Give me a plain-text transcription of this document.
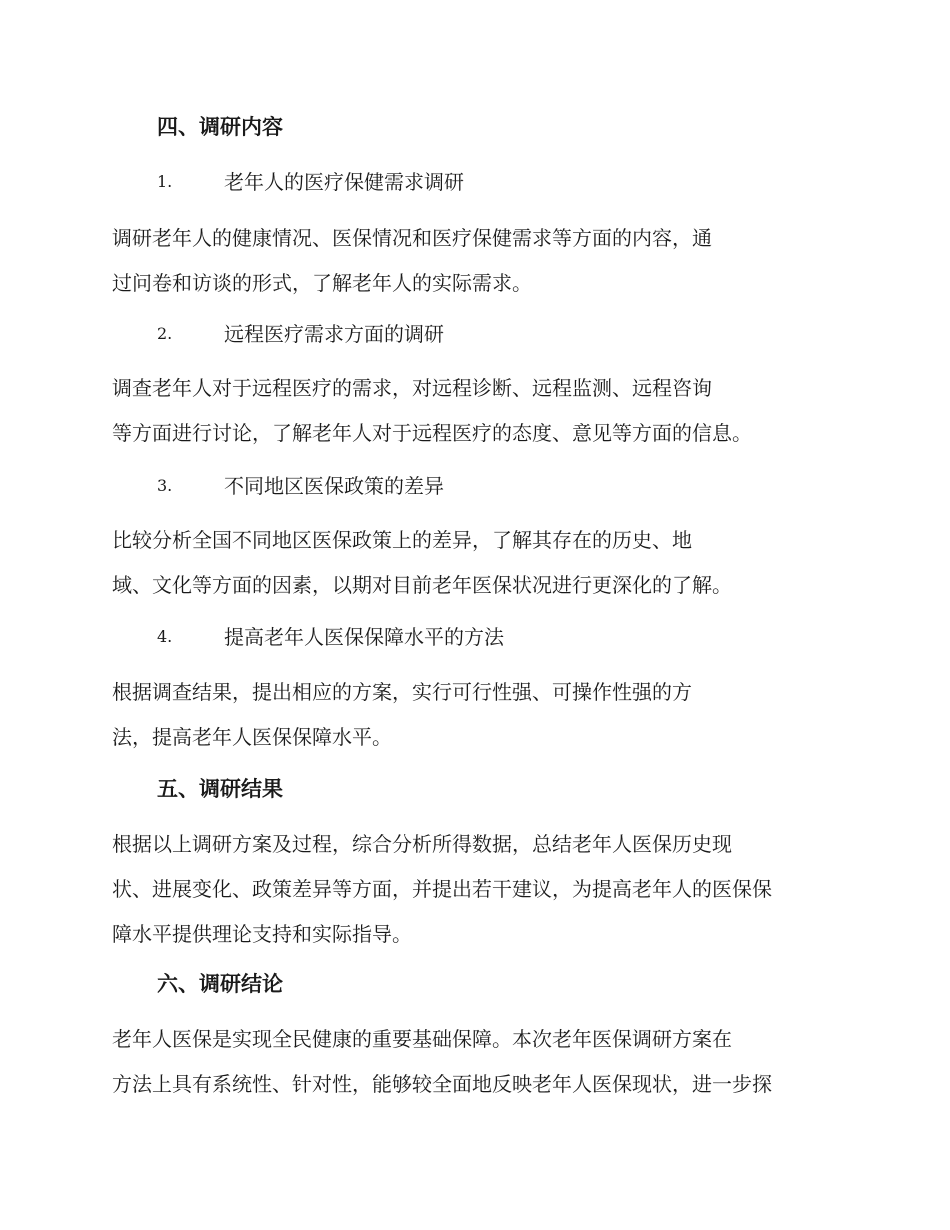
四、调研内容
1.	老年人的医疗保健需求调研
调研老年人的健康情况、医保情况和医疗保健需求等方面的内容，通
过问卷和访谈的形式，了解老年人的实际需求。
2.	远程医疗需求方面的调研
调查老年人对于远程医疗的需求，对远程诊断、远程监测、远程咨询
等方面进行讨论，了解老年人对于远程医疗的态度、意见等方面的信息。
3.	不同地区医保政策的差异
比较分析全国不同地区医保政策上的差异，了解其存在的历史、地
域、文化等方面的因素，以期对目前老年医保状况进行更深化的了解。
4.	提高老年人医保保障水平的方法
根据调查结果，提出相应的方案，实行可行性强、可操作性强的方
法，提高老年人医保保障水平。
五、调研结果
根据以上调研方案及过程，综合分析所得数据，总结老年人医保历史现
状、进展变化、政策差异等方面，并提出若干建议，为提高老年人的医保保
障水平提供理论支持和实际指导。
六、调研结论
老年人医保是实现全民健康的重要基础保障。本次老年医保调研方案在
方法上具有系统性、针对性，能够较全面地反映老年人医保现状，进一步探
